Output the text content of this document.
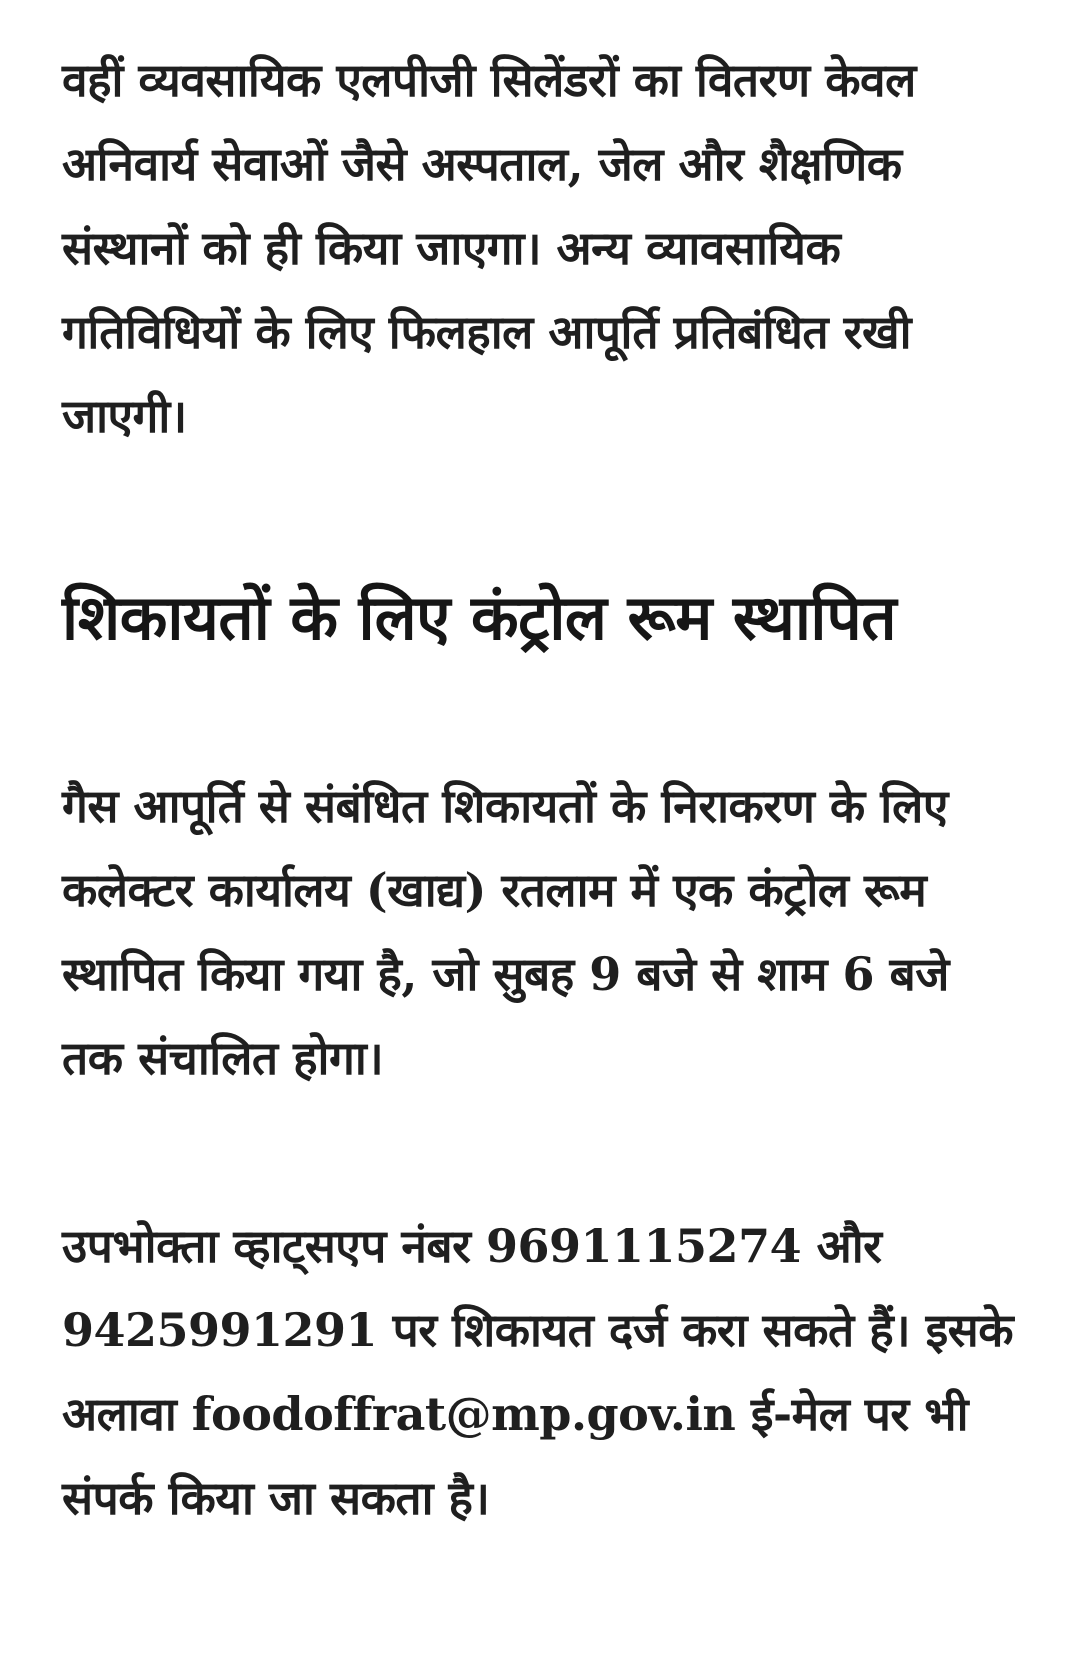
वहीं व्यवसायिक एलपीजी सिलेंडरों का वितरण केवल अनिवार्य सेवाओं जैसे अस्पताल, जेल और शैक्षणिक संस्थानों को ही किया जाएगा। अन्य व्यावसायिक गतिविधियों के लिए फिलहाल आपूर्ति प्रतिबंधित रखी जाएगी।

शिकायतों के लिए कंट्रोल रूम स्थापित

गैस आपूर्ति से संबंधित शिकायतों के निराकरण के लिए कलेक्टर कार्यालय (खाद्य) रतलाम में एक कंट्रोल रूम स्थापित किया गया है, जो सुबह 9 बजे से शाम 6 बजे तक संचालित होगा।

उपभोक्ता व्हाट्सएप नंबर 9691115274 और 9425991291 पर शिकायत दर्ज करा सकते हैं। इसके अलावा foodoffrat@mp.gov.in ई-मेल पर भी संपर्क किया जा सकता है।
